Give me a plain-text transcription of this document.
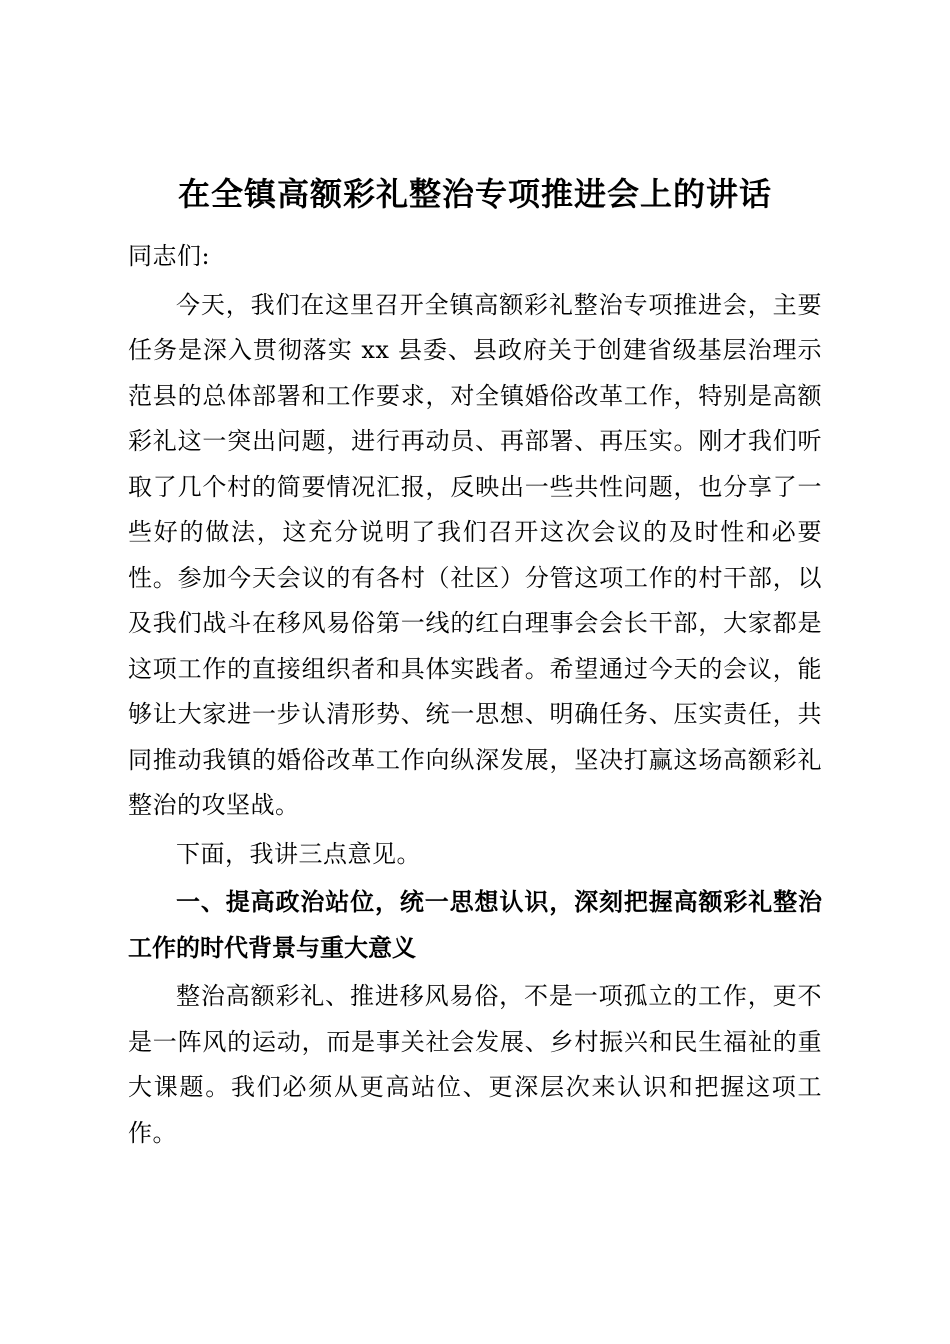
在全镇高额彩礼整治专项推进会上的讲话

同志们:

今天，我们在这里召开全镇高额彩礼整治专项推进会，主要任务是深入贯彻落实 xx 县委、县政府关于创建省级基层治理示范县的总体部署和工作要求，对全镇婚俗改革工作，特别是高额彩礼这一突出问题，进行再动员、再部署、再压实。刚才我们听取了几个村的简要情况汇报，反映出一些共性问题，也分享了一些好的做法，这充分说明了我们召开这次会议的及时性和必要性。参加今天会议的有各村（社区）分管这项工作的村干部，以及我们战斗在移风易俗第一线的红白理事会会长干部，大家都是这项工作的直接组织者和具体实践者。希望通过今天的会议，能够让大家进一步认清形势、统一思想、明确任务、压实责任，共同推动我镇的婚俗改革工作向纵深发展，坚决打赢这场高额彩礼整治的攻坚战。

下面，我讲三点意见。

一、提高政治站位，统一思想认识，深刻把握高额彩礼整治工作的时代背景与重大意义

整治高额彩礼、推进移风易俗，不是一项孤立的工作，更不是一阵风的运动，而是事关社会发展、乡村振兴和民生福祉的重大课题。我们必须从更高站位、更深层次来认识和把握这项工作。
